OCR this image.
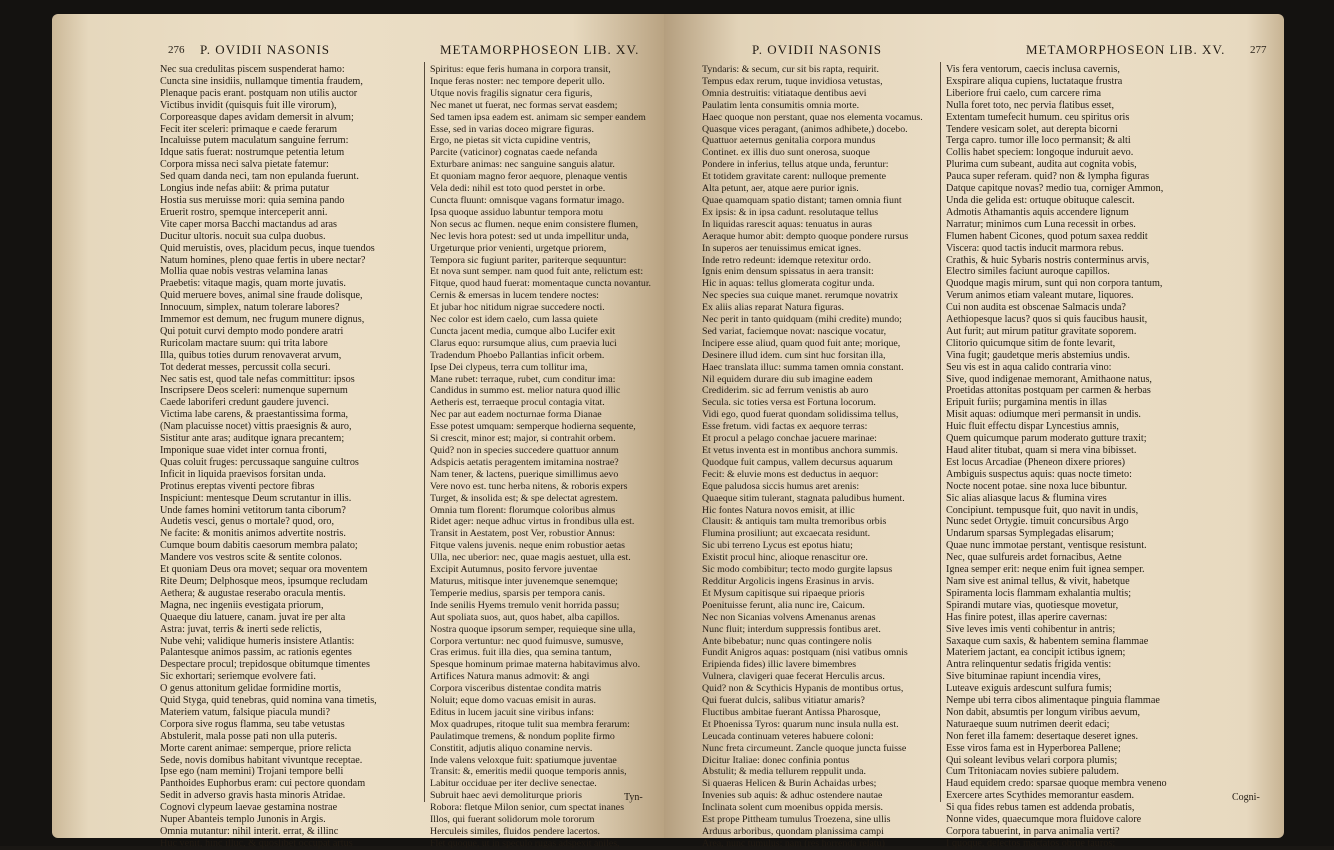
276 P. OVIDII NASONIS	METAMORPHOSEON LIB. XV.
Nec sua credulitas piscem suspenderat hamo:
Cuncta sine insidiis, nullamque timentia fraudem,
Plenaque pacis erant. postquam non utilis auctor
Victibus invidit (quisquis fuit ille virorum),
Corporeasque dapes avidam demersit in alvum;
Fecit iter sceleri: primaque e caede ferarum
Incaluisse putem maculatum sanguine ferrum:
Idque satis fuerat: nostrumque petentia letum
Corpora missa neci salva pietate fatemur:
Sed quam danda neci, tam non epulanda fuerunt.
Longius inde nefas abiit: & prima putatur
Hostia sus meruisse mori: quia semina pando
Eruerit rostro, spemque interceperit anni.
Vite caper morsa Bacchi mactandus ad aras
Ducitur ultoris. nocuit sua culpa duobus.
Quid meruistis, oves, placidum pecus, inque tuendos
Natum homines, pleno quae fertis in ubere nectar?
Mollia quae nobis vestras velamina lanas
Praebetis: vitaque magis, quam morte juvatis.
Quid meruere boves, animal sine fraude dolisque,
Innocuum, simplex, natum tolerare labores?
Immemor est demum, nec frugum munere dignus,
Qui potuit curvi dempto modo pondere aratri
Ruricolam mactare suum: qui trita labore
Illa, quibus toties durum renovaverat arvum,
Tot dederat messes, percussit colla securi.
Nec satis est, quod tale nefas committitur: ipsos
Inscripsere Deos sceleri: numenque supernum
Caede laboriferi credunt gaudere juvenci.
Victima labe carens, & praestantissima forma,
(Nam placuisse nocet) vittis praesignis & auro,
Sistitur ante aras; auditque ignara precantem;
Imponique suae videt inter cornua fronti,
Quas coluit fruges: percussaque sanguine cultros
Inficit in liquida praevisos forsitan unda.
Protinus ereptas viventi pectore fibras
Inspiciunt: mentesque Deum scrutantur in illis.
Unde fames homini vetitorum tanta ciborum?
Audetis vesci, genus o mortale? quod, oro,
Ne facite: & monitis animos advertite nostris.
Cumque boum dabitis caesorum membra palato;
Mandere vos vestros scite & sentite colonos.
Et quoniam Deus ora movet; sequar ora moventem
Rite Deum; Delphosque meos, ipsumque recludam
Aethera; & augustae reserabo oracula mentis.
Magna, nec ingeniis evestigata priorum,
Quaeque diu latuere, canam. juvat ire per alta
Astra: juvat, terris & inerti sede relictis,
Nube vehi; validique humeris insistere Atlantis:
Palantesque animos passim, ac rationis egentes
Despectare procul; trepidosque obitumque timentes
Sic exhortari; seriemque evolvere fati.
O genus attonitum gelidae formidine mortis,
Quid Styga, quid tenebras, quid nomina vana timetis,
Materiem vatum, falsique piacula mundi?
Corpora sive rogus flamma, seu tabe vetustas
Abstulerit, mala posse pati non ulla puteris.
Morte carent animae: semperque, priore relicta
Sede, novis domibus habitant vivuntque receptae.
Ipse ego (nam memini) Trojani tempore belli
Panthoides Euphorbus eram: cui pectore quondam
Sedit in adverso gravis hasta minoris Atridae.
Cognovi clypeum laevae gestamina nostrae
Nuper Abanteis templo Junonis in Argis.
Omnia mutantur: nihil interit. errat, & illinc
Huc venit, hinc illuc, & quoslibet occupat artus
Spiritus: eque feris humana in corpora transit,
Inque feras noster: nec tempore deperit ullo.
Utque novis fragilis signatur cera figuris,
Nec manet ut fuerat, nec formas servat easdem;
Sed tamen ipsa eadem est. animam sic semper eandem
Esse, sed in varias doceo migrare figuras.
Ergo, ne pietas sit victa cupidine ventris,
Parcite (vaticinor) cognatas caede nefanda
Exturbare animas: nec sanguine sanguis alatur.
Et quoniam magno feror aequore, plenaque ventis
Vela dedi: nihil est toto quod perstet in orbe.
Cuncta fluunt: omnisque vagans formatur imago.
Ipsa quoque assiduo labuntur tempora motu
Non secus ac flumen. neque enim consistere flumen,
Nec levis hora potest: sed ut unda impellitur unda,
Urgeturque prior venienti, urgetque priorem,
Tempora sic fugiunt pariter, pariterque sequuntur:
Et nova sunt semper. nam quod fuit ante, relictum est:
Fitque, quod haud fuerat: momentaque cuncta novantur.
Cernis & emersas in lucem tendere noctes:
Et jubar hoc nitidum nigrae succedere nocti.
Nec color est idem caelo, cum lassa quiete
Cuncta jacent media, cumque albo Lucifer exit
Clarus equo: rursumque alius, cum praevia luci
Tradendum Phoebo Pallantias inficit orbem.
Ipse Dei clypeus, terra cum tollitur ima,
Mane rubet: terraque, rubet, cum conditur ima:
Candidus in summo est. melior natura quod illic
Aetheris est, terraeque procul contagia vitat.
Nec par aut eadem nocturnae forma Dianae
Esse potest umquam: semperque hodierna sequente,
Si crescit, minor est; major, si contrahit orbem.
Quid? non in species succedere quattuor annum
Adspicis aetatis peragentem imitamina nostrae?
Nam tener, & lactens, puerique simillimus aevo
Vere novo est. tunc herba nitens, & roboris expers
Turget, & insolida est; & spe delectat agrestem.
Omnia tum florent: florumque coloribus almus
Ridet ager: neque adhuc virtus in frondibus ulla est.
Transit in Aestatem, post Ver, robustior Annus:
Fitque valens juvenis. neque enim robustior aetas
Ulla, nec uberior: nec, quae magis aestuet, ulla est.
Excipit Autumnus, posito fervore juventae
Maturus, mitisque inter juvenemque senemque;
Temperie medius, sparsis per tempora canis.
Inde senilis Hyems tremulo venit horrida passu;
Aut spoliata suos, aut, quos habet, alba capillos.
Nostra quoque ipsorum semper, requieque sine ulla,
Corpora vertuntur: nec quod fuimusve, sumusve,
Cras erimus. fuit illa dies, qua semina tantum,
Spesque hominum primae materna habitavimus alvo.
Artifices Natura manus admovit: & angi
Corpora visceribus distentae condita matris
Noluit; eque domo vacuas emisit in auras.
Editus in lucem jacuit sine viribus infans:
Mox quadrupes, ritoque tulit sua membra ferarum:
Paulatimque tremens, & nondum poplite firmo
Constitit, adjutis aliquo conamine nervis.
Inde valens veloxque fuit: spatiumque juventae
Transit: &, emeritis medii quoque temporis annis,
Labitur occiduae per iter declive senectae.
Subruit haec aevi demoliturque prioris
Robora: fletque Milon senior, cum spectat inanes
Illos, qui fuerant solidorum mole tororum
Herculeis similes, fluidos pendere lacertos.
Flet quoque, ut in speculo rugas adspexit aniles,
Tyn-
P. OVIDII NASONIS	METAMORPHOSEON LIB. XV. 277
Tyndaris: & secum, cur sit bis rapta, requirit.
Tempus edax rerum, tuque invidiosa vetustas,
Omnia destruitis: vitiataque dentibus aevi
Paulatim lenta consumitis omnia morte.
Haec quoque non perstant, quae nos elementa vocamus.
Quasque vices peragant, (animos adhibete,) docebo.
Quattuor aeternus genitalia corpora mundus
Continet. ex illis duo sunt onerosa, suoque
Pondere in inferius, tellus atque unda, feruntur:
Et totidem gravitate carent: nulloque premente
Alta petunt, aer, atque aere purior ignis.
Quae quamquam spatio distant; tamen omnia fiunt
Ex ipsis: & in ipsa cadunt. resolutaque tellus
In liquidas rarescit aquas: tenuatus in auras
Aeraque humor abit: dempto quoque pondere rursus
In superos aer tenuissimus emicat ignes.
Inde retro redeunt: idemque retexitur ordo.
Ignis enim densum spissatus in aera transit:
Hic in aquas: tellus glomerata cogitur unda.
Nec species sua cuique manet. rerumque novatrix
Ex aliis alias reparat Natura figuras.
Nec perit in tanto quidquam (mihi credite) mundo;
Sed variat, faciemque novat: nascique vocatur,
Incipere esse aliud, quam quod fuit ante; morique,
Desinere illud idem. cum sint huc forsitan illa,
Haec translata illuc: summa tamen omnia constant.
Nil equidem durare diu sub imagine eadem
Crediderim. sic ad ferrum venistis ab auro
Secula. sic toties versa est Fortuna locorum.
Vidi ego, quod fuerat quondam solidissima tellus,
Esse fretum. vidi factas ex aequore terras:
Et procul a pelago conchae jacuere marinae:
Et vetus inventa est in montibus anchora summis.
Quodque fuit campus, vallem decursus aquarum
Fecit: & eluvie mons est deductus in aequor:
Eque paludosa siccis humus aret arenis:
Quaeque sitim tulerant, stagnata paludibus hument.
Hic fontes Natura novos emisit, at illic
Clausit: & antiquis tam multa tremoribus orbis
Flumina prosiliunt; aut excaecata residunt.
Sic ubi terreno Lycus est epotus hiatu;
Existit procul hinc, alioque renascitur ore.
Sic modo combibitur; tecto modo gurgite lapsus
Redditur Argolicis ingens Erasinus in arvis.
Et Mysum capitisque sui ripaeque prioris
Poenituisse ferunt, alia nunc ire, Caicum.
Nec non Sicanias volvens Amenanus arenas
Nunc fluit; interdum suppressis fontibus aret.
Ante bibebatur; nunc quas contingere nolis
Fundit Anigros aquas: postquam (nisi vatibus omnis
Eripienda fides) illic lavere bimembres
Vulnera, clavigeri quae fecerat Herculis arcus.
Quid? non & Scythicis Hypanis de montibus ortus,
Qui fuerat dulcis, salibus vitiatur amaris?
Fluctibus ambitae fuerant Antissa Pharosque,
Et Phoenissa Tyros: quarum nunc insula nulla est.
Leucada continuam veteres habuere coloni:
Nunc freta circumeunt. Zancle quoque juncta fuisse
Dicitur Italiae: donec confinia pontus
Abstulit; & media tellurem reppulit unda.
Si quaeras Helicen & Burin Achaidas urbes;
Invenies sub aquis: & adhuc ostendere nautae
Inclinata solent cum moenibus oppida mersis.
Est prope Pittheam tumulus Troezena, sine ullis
Arduus arboribus, quondam planissima campi
Area, nunc tumulus: nam (res horrenda relatu)
Vis fera ventorum, caecis inclusa cavernis,
Exspirare aliqua cupiens, luctataque frustra
Liberiore frui caelo, cum carcere rima
Nulla foret toto, nec pervia flatibus esset,
Extentam tumefecit humum. ceu spiritus oris
Tendere vesicam solet, aut derepta bicorni
Terga capro. tumor ille loco permansit; & alti
Collis habet speciem: longoque induruit aevo.
Plurima cum subeant, audita aut cognita vobis,
Pauca super referam. quid? non & lympha figuras
Datque capitque novas? medio tua, corniger Ammon,
Unda die gelida est: ortuque obituque calescit.
Admotis Athamantis aquis accendere lignum
Narratur; minimos cum Luna recessit in orbes.
Flumen habent Cicones, quod potum saxea reddit
Viscera: quod tactis inducit marmora rebus.
Crathis, & huic Sybaris nostris conterminus arvis,
Electro similes faciunt auroque capillos.
Quodque magis mirum, sunt qui non corpora tantum,
Verum animos etiam valeant mutare, liquores.
Cui non audita est obscenae Salmacis unda?
Aethiopesque lacus? quos si quis faucibus hausit,
Aut furit; aut mirum patitur gravitate soporem.
Clitorio quicumque sitim de fonte levarit,
Vina fugit; gaudetque meris abstemius undis.
Seu vis est in aqua calido contraria vino:
Sive, quod indigenae memorant, Amithaone natus,
Proetidas attonitas postquam per carmen & herbas
Eripuit furiis; purgamina mentis in illas
Misit aquas: odiumque meri permansit in undis.
Huic fluit effectu dispar Lyncestius amnis,
Quem quicumque parum moderato gutture traxit;
Haud aliter titubat, quam si mera vina bibisset.
Est locus Arcadiae (Pheneon dixere priores)
Ambiguis suspectus aquis: quas nocte timeto:
Nocte nocent potae. sine noxa luce bibuntur.
Sic alias aliasque lacus & flumina vires
Concipiunt. tempusque fuit, quo navit in undis,
Nunc sedet Ortygie. timuit concursibus Argo
Undarum sparsas Symplegadas elisarum;
Quae nunc immotae perstant, ventisque resistunt.
Nec, quae sulfureis ardet fornacibus, Aetne
Ignea semper erit: neque enim fuit ignea semper.
Nam sive est animal tellus, & vivit, habetque
Spiramenta locis flammam exhalantia multis;
Spirandi mutare vias, quotiesque movetur,
Has finire potest, illas aperire cavernas:
Sive leves imis venti cohibentur in antris;
Saxaque cum saxis, & habentem semina flammae
Materiem jactant, ea concipit ictibus ignem;
Antra relinquentur sedatis frigida ventis:
Sive bituminae rapiunt incendia vires,
Luteave exiguis ardescunt sulfura fumis;
Nempe ubi terra cibos alimentaque pinguia flammae
Non dabit, absumtis per longum viribus aevum,
Naturaeque suum nutrimen deerit edaci;
Non feret illa famem: desertaque deseret ignes.
Esse viros fama est in Hyperborea Pallene;
Qui soleant levibus velari corpora plumis;
Cum Tritoniacam novies subiere paludem.
Haud equidem credo: sparsae quoque membra veneno
Exercere artes Scythides memorantur easdem.
Si qua fides rebus tamen est addenda probatis,
Nonne vides, quaecumque mora fluidove calore
Corpora tabuerint, in parva animalia verti?
I quoque, delectos mactatos obrue tauros;
Cogni-
